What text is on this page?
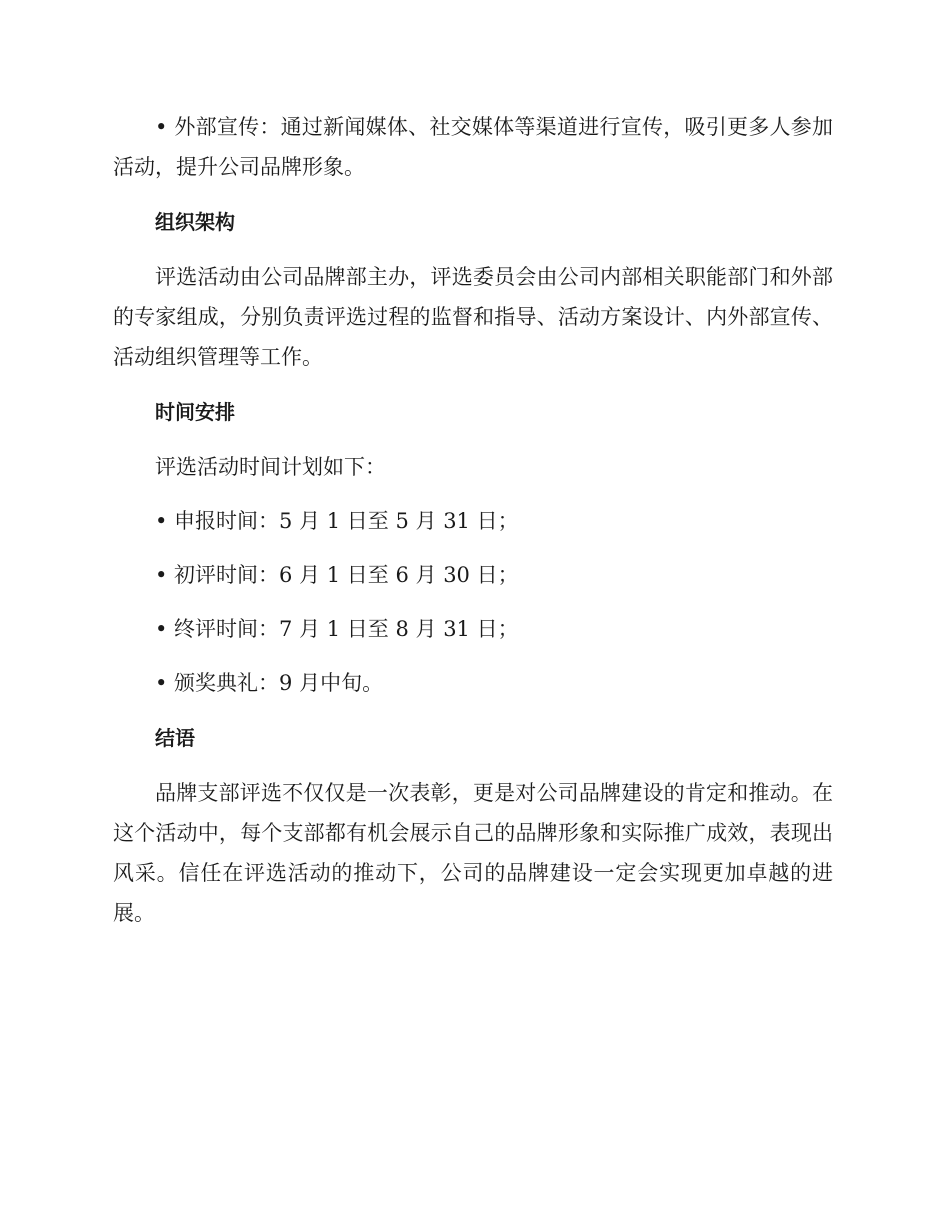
• 外部宣传：通过新闻媒体、社交媒体等渠道进行宣传，吸引更多人参加活动，提升公司品牌形象。

组织架构

评选活动由公司品牌部主办，评选委员会由公司内部相关职能部门和外部的专家组成，分别负责评选过程的监督和指导、活动方案设计、内外部宣传、活动组织管理等工作。

时间安排

评选活动时间计划如下：

• 申报时间：5 月 1 日至 5 月 31 日；

• 初评时间：6 月 1 日至 6 月 30 日；

• 终评时间：7 月 1 日至 8 月 31 日；

• 颁奖典礼：9 月中旬。

结语

品牌支部评选不仅仅是一次表彰，更是对公司品牌建设的肯定和推动。在这个活动中，每个支部都有机会展示自己的品牌形象和实际推广成效，表现出风采。信任在评选活动的推动下，公司的品牌建设一定会实现更加卓越的进展。
